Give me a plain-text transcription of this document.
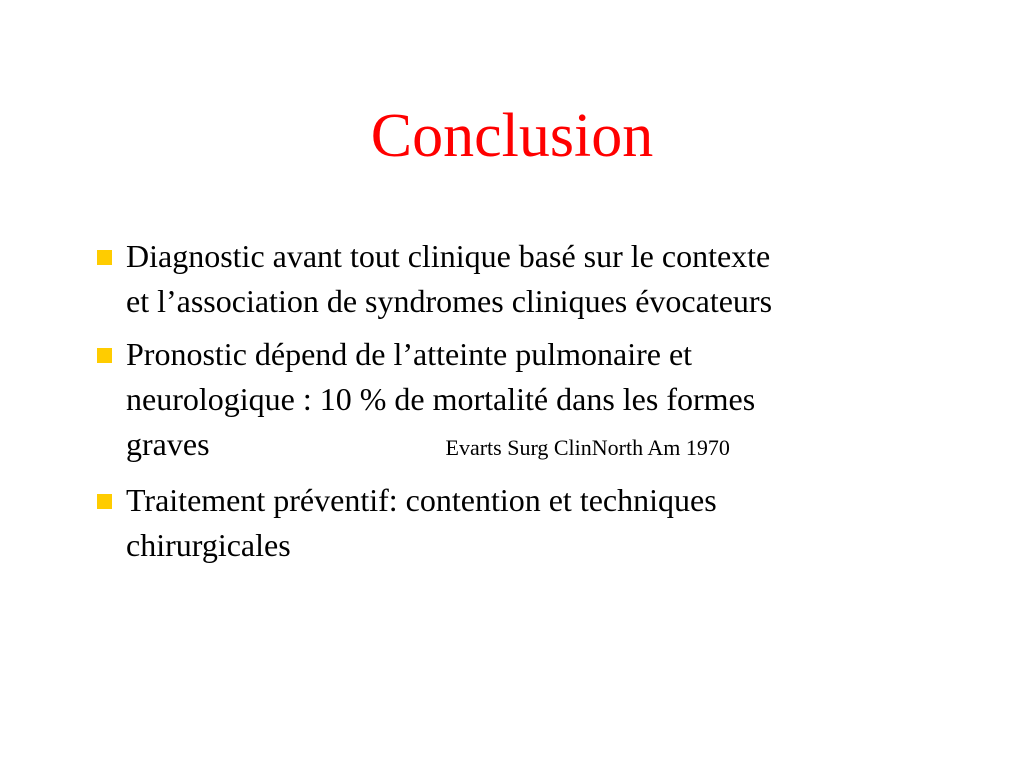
Conclusion
Diagnostic avant tout clinique basé sur le contexte
et l’association de syndromes cliniques évocateurs
Pronostic dépend de l’atteinte pulmonaire et
neurologique : 10 % de mortalité dans les formes
graves	Evarts Surg ClinNorth Am 1970
Traitement préventif: contention et techniques
chirurgicales
